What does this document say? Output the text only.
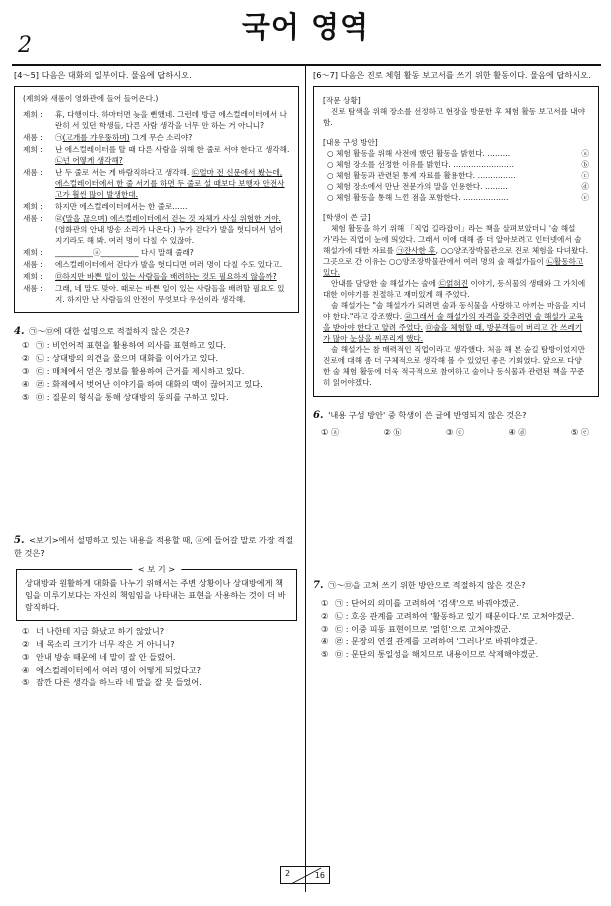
2
국어 영역
[4～5] 다음은 대화의 일부이다. 물음에 답하시오.
(제희와 새롬이 영화관에 들어 들어온다.)
제희 :	휴, 다행이다. 하마터면 늦을 뻔했네. 그런데 방금 에스컬레이터에서 나란히 서 있던 학생들, 다른 사람 생각을 너무 안 하는 거 아니니?
새롬 :	㉠(고개를 갸우뚱하며) 그게 무슨 소리야?
제희 :	난 에스컬레이터를 탈 때 다른 사람을 위해 한 줄로 서야 한다고 생각해. ㉡넌 어떻게 생각해?
새롬 :	난 두 줄로 서는 게 바람직하다고 생각해. ㉢얼마 전 신문에서 봤는데, 에스컬레이터에서 한 줄 서기를 하면 두 줄로 설 때보다 보행자 안전사고가 훨씬 많이 발생한대.
제희 :	하지만 에스컬레이터에서는 한 줄로……
새롬 :	㉣(말을 끊으며) 에스컬레이터에서 걷는 것 자체가 사실 위험한 거야. (영화관의 안내 방송 소리가 나온다.) 누가 걷다가 발을 헛디뎌서 넘어지기라도 해 봐. 여러 명이 다칠 수 있잖아.
제희 :	__________ⓐ__________ 다시 말해 줄래?
새롬 :	에스컬레이터에서 걷다가 발을 헛디디면 여러 명이 다칠 수도 있다고.
제희 :	㉤하지만 바쁜 일이 있는 사람들을 배려하는 것도 필요하지 않을까?
새롬 :	그래, 네 말도 맞아. 때로는 바쁜 일이 있는 사람들을 배려할 필요도 있지. 하지만 난 사람들의 안전이 무엇보다 우선이라 생각해.
4. ㉠～㉤에 대한 설명으로 적절하지 않은 것은?
① ㉠ : 비언어적 표현을 활용하여 의사를 표현하고 있다.
② ㉡ : 상대방의 의견을 물으며 대화를 이어가고 있다.
③ ㉢ : 매체에서 얻은 정보를 활용하여 근거를 제시하고 있다.
④ ㉣ : 화제에서 벗어난 이야기를 하여 대화의 맥이 끊어지고 있다.
⑤ ㉤ : 질문의 형식을 통해 상대방의 동의를 구하고 있다.
5. <보기>에서 설명하고 있는 내용을 적용할 때, ⓐ에 들어갈 말로 가장 적절한 것은?
< 보 기 >
상대방과 원활하게 대화를 나누기 위해서는 주변 상황이나 상대방에게 책임을 미루기보다는 자신의 책임임을 나타내는 표현을 사용하는 것이 더 바람직하다.
① 너 나한테 지금 화났고 하기 않았니?
② 네 목소리 크기가 너무 작은 거 아니니?
③ 안내 방송 때문에 네 말이 잘 안 들렸어.
④ 에스컬레이터에서 여러 명이 어떻게 되었다고?
⑤ 잠깐 다른 생각을 하느라 네 말을 잘 못 들었어.
[6～7] 다음은 진로 체험 활동 보고서를 쓰기 위한 활동이다. 물음에 답하시오.
[작문 상황]
진로 탐색을 위해 장소를 선정하고 현장을 방문한 후 체험 활동 보고서를 내야 함.
[내용 구성 방안]
○ 체험 활동을 위해 사전에 했던 활동을 밝힌다. ………	ⓐ
○ 체험 장소를 선정한 이유를 밝힌다. ……………………	ⓑ
○ 체험 활동과 관련된 통계 자료를 활용한다. ……………	ⓒ
○ 체험 장소에서 만난 전문가의 말을 인용한다. ………	ⓓ
○ 체험 활동을 통해 느낀 점을 포함한다. ………………	ⓔ
[학생이 쓴 글]
체험 활동을 하기 위해 「직업 길라잡이」라는 책을 살펴보았더니 '술 해설가'라는 직업이 눈에 띄었다. 그래서 이에 대해 좀 더 알아보려고 인터넷에서 술 해설가에 대한 자료를 ㉠잔사한 후, ○○양조장박물관으로 진로 체험을 다녀왔다. 그곳으로 간 이유는 ○○양조장박물관에서 여러 명의 술 해설가들이 ㉡활동하고 있다.
안내를 담당한 술 해설가는 술에 ㉢얽혀진 이야기, 동식물의 생태와 그 가치에 대한 이야기를 친절하고 재미있게 해 주었다.
술 해설가는 "술 해설가가 되려면 술과 동식물을 사랑하고 아끼는 마음을 지녀야 한다."라고 강조했다. ㉣그래서 술 해설가의 자격을 갖추려면 술 해설가 교육을 받아야 한다고 알려 주었다. ㉤술을 체험할 때, 방문객들이 버리고 간 쓰레기가 많아 눈살을 찌푸리게 했다.
술 해설가는 참 매력적인 직업이라고 생각했다. 처음 해 본 숲길 탐방이었지만 진로에 대해 좀 더 구체적으로 생각해 볼 수 있었던 좋은 기회였다. 앞으로 다양한 술 체험 활동에 더욱 적극적으로 참여하고 술이나 동식물과 관련된 책을 꾸준히 읽어야겠다.
6. '내용 구성 방안' 중 학생이 쓴 글에 반영되지 않은 것은?
① ⓐ	② ⓑ	③ ⓒ	④ ⓓ	⑤ ⓔ
7. ㉠～㉤을 고쳐 쓰기 위한 방안으로 적절하지 않은 것은?
① ㉠ : 단어의 의미를 고려하여 '검색'으로 바꿔야겠군.
② ㉡ : 호응 관계를 고려하여 '활동하고 있기 때문이다.'로 고쳐야겠군.
③ ㉢ : 이중 피동 표현이므로 '얽힌'으로 고쳐야겠군.
④ ㉣ : 문장의 연결 관계를 고려하여 '그러나'로 바꿔야겠군.
⑤ ㉤ : 문단의 통일성을 해치므로 내용이므로 삭제해야겠군.
2	16
